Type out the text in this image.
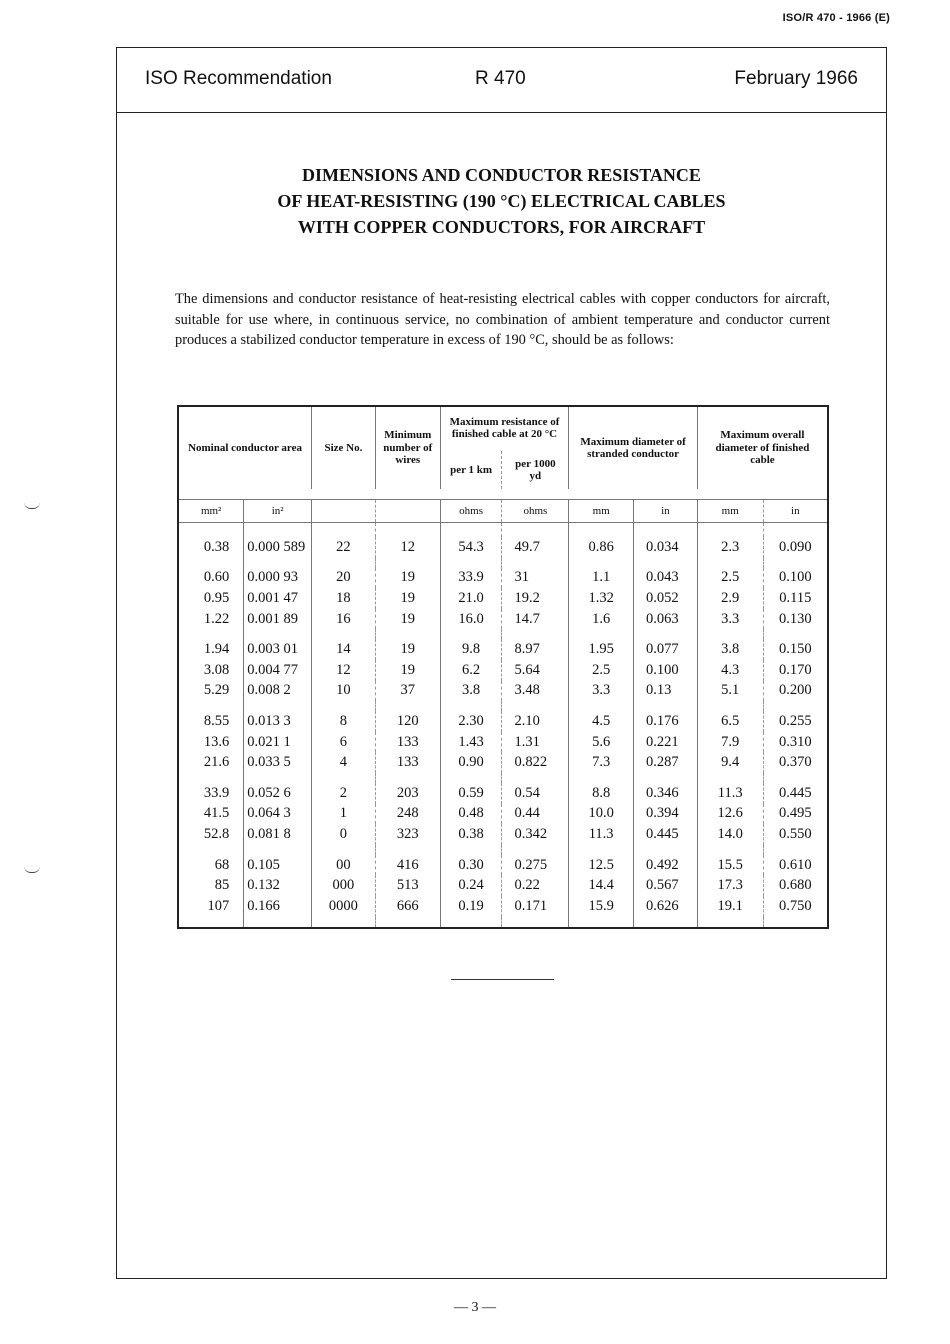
ISO/R 470 - 1966 (E)
ISO Recommendation	R 470	February 1966
DIMENSIONS AND CONDUCTOR RESISTANCE
OF HEAT-RESISTING (190 °C) ELECTRICAL CABLES
WITH COPPER CONDUCTORS, FOR AIRCRAFT
The dimensions and conductor resistance of heat-resisting electrical cables with copper conductors for aircraft, suitable for use where, in continuous service, no combination of ambient temperature and conductor current produces a stabilized conductor temperature in excess of 190 °C, should be as follows:
Nominal conductor area		Size No.	Minimum number of wires	Maximum resistance of finished cable at 20 °C		Maximum diameter of stranded conductor		Maximum overall diameter of finished cable	
				per 1 km	per 1000 yd				

mm²	in²			ohms	ohms	mm	in	mm	in

0.38	0.000 589	22	12	54.3	49.7	0.86	0.034	2.3	0.090

0.60	0.000 93	20	19	33.9	31	1.1	0.043	2.5	0.100
0.95	0.001 47	18	19	21.0	19.2	1.32	0.052	2.9	0.115
1.22	0.001 89	16	19	16.0	14.7	1.6	0.063	3.3	0.130

1.94	0.003 01	14	19	9.8	8.97	1.95	0.077	3.8	0.150
3.08	0.004 77	12	19	6.2	5.64	2.5	0.100	4.3	0.170
5.29	0.008 2	10	37	3.8	3.48	3.3	0.13	5.1	0.200

8.55	0.013 3	8	120	2.30	2.10	4.5	0.176	6.5	0.255
13.6	0.021 1	6	133	1.43	1.31	5.6	0.221	7.9	0.310
21.6	0.033 5	4	133	0.90	0.822	7.3	0.287	9.4	0.370

33.9	0.052 6	2	203	0.59	0.54	8.8	0.346	11.3	0.445
41.5	0.064 3	1	248	0.48	0.44	10.0	0.394	12.6	0.495
52.8	0.081 8	0	323	0.38	0.342	11.3	0.445	14.0	0.550

68	0.105	00	416	0.30	0.275	12.5	0.492	15.5	0.610
85	0.132	000	513	0.24	0.22	14.4	0.567	17.3	0.680
107	0.166	0000	666	0.19	0.171	15.9	0.626	19.1	0.750

— 3 —
